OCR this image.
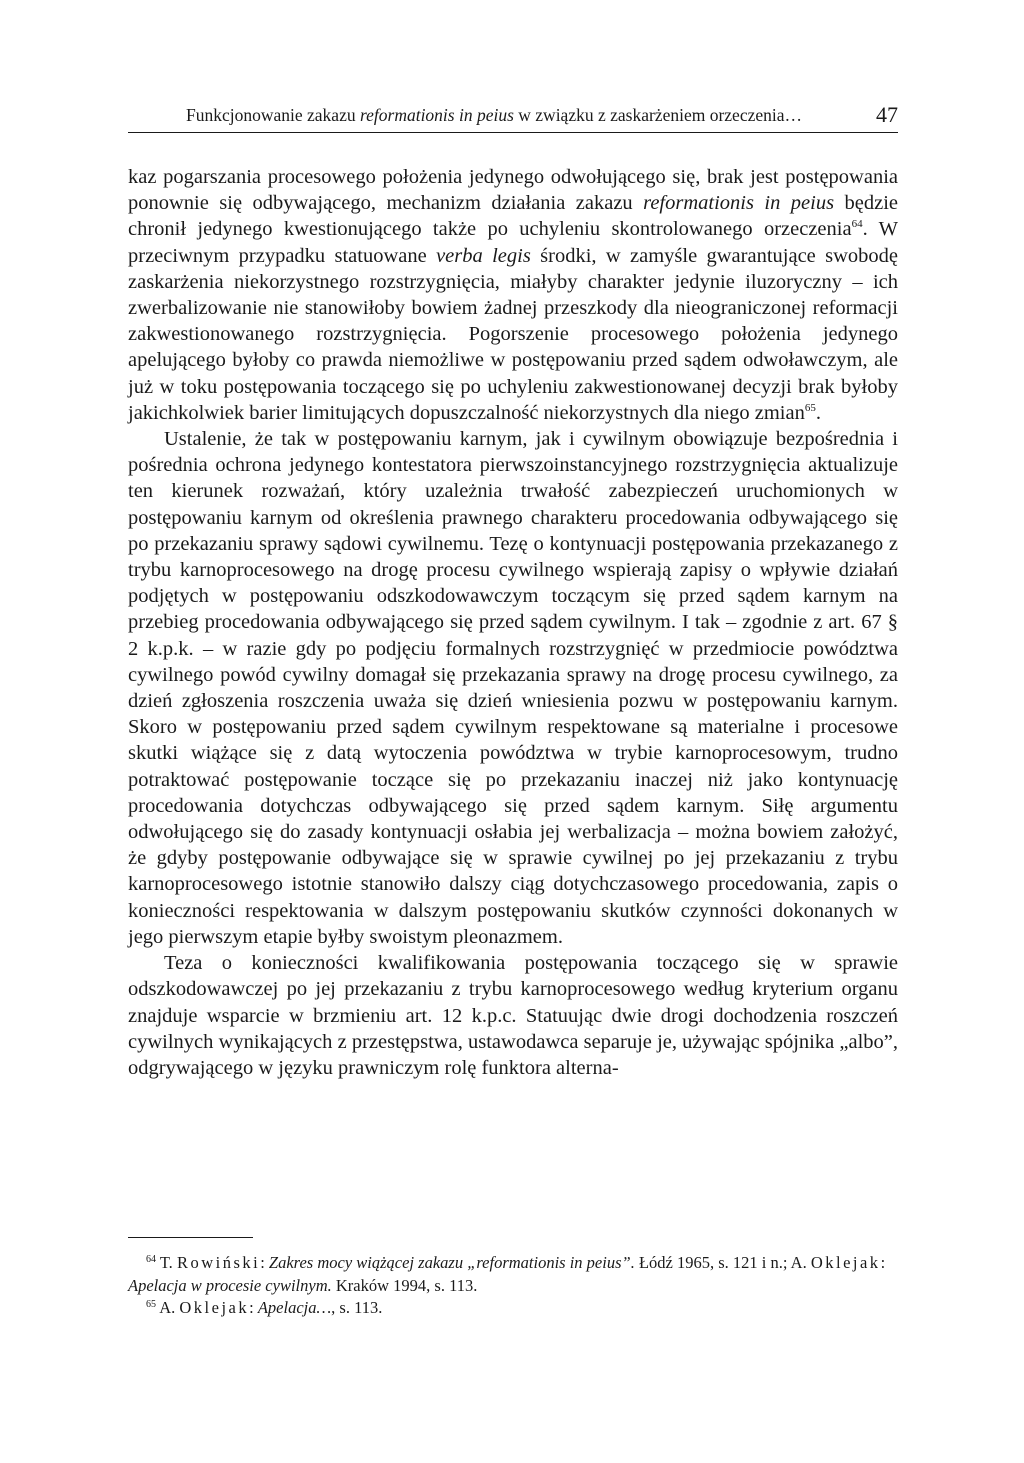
Funkcjonowanie zakazu reformationis in peius w związku z zaskarżeniem orzeczenia…	47

kaz pogarszania procesowego położenia jedynego odwołującego się, brak jest postępowania ponownie się odbywającego, mechanizm działania zakazu reformationis in peius będzie chronił jedynego kwestionującego także po uchyleniu skontrolowanego orzeczenia$^{64}$. W przeciwnym przypadku statuowane verba legis środki, w zamyśle gwarantujące swobodę zaskarżenia niekorzystnego rozstrzygnięcia, miałyby charakter jedynie iluzoryczny – ich zwerbalizowanie nie stanowiłoby bowiem żadnej przeszkody dla nieograniczonej reformacji zakwestionowanego rozstrzygnięcia. Pogorszenie procesowego położenia jedynego apelującego byłoby co prawda niemożliwe w postępowaniu przed sądem odwoławczym, ale już w toku postępowania toczącego się po uchyleniu zakwestionowanej decyzji brak byłoby jakichkolwiek barier limitujących dopuszczalność niekorzystnych dla niego zmian$^{65}$.

Ustalenie, że tak w postępowaniu karnym, jak i cywilnym obowiązuje bezpośrednia i pośrednia ochrona jedynego kontestatora pierwszoinstancyjnego rozstrzygnięcia aktualizuje ten kierunek rozważań, który uzależnia trwałość zabezpieczeń uruchomionych w postępowaniu karnym od określenia prawnego charakteru procedowania odbywającego się po przekazaniu sprawy sądowi cywilnemu. Tezę o kontynuacji postępowania przekazanego z trybu karnoprocesowego na drogę procesu cywilnego wspierają zapisy o wpływie działań podjętych w postępowaniu odszkodowawczym toczącym się przed sądem karnym na przebieg procedowania odbywającego się przed sądem cywilnym. I tak – zgodnie z art. 67 § 2 k.p.k. – w razie gdy po podjęciu formalnych rozstrzygnięć w przedmiocie powództwa cywilnego powód cywilny domagał się przekazania sprawy na drogę procesu cywilnego, za dzień zgłoszenia roszczenia uważa się dzień wniesienia pozwu w postępowaniu karnym. Skoro w postępowaniu przed sądem cywilnym respektowane są materialne i procesowe skutki wiążące się z datą wytoczenia powództwa w trybie karnoprocesowym, trudno potraktować postępowanie toczące się po przekazaniu inaczej niż jako kontynuację procedowania dotychczas odbywającego się przed sądem karnym. Siłę argumentu odwołującego się do zasady kontynuacji osłabia jej werbalizacja – można bowiem założyć, że gdyby postępowanie odbywające się w sprawie cywilnej po jej przekazaniu z trybu karnoprocesowego istotnie stanowiło dalszy ciąg dotychczasowego procedowania, zapis o konieczności respektowania w dalszym postępowaniu skutków czynności dokonanych w jego pierwszym etapie byłby swoistym pleonazmem.

Teza o konieczności kwalifikowania postępowania toczącego się w sprawie odszkodowawczej po jej przekazaniu z trybu karnoprocesowego według kryterium organu znajduje wsparcie w brzmieniu art. 12 k.p.c. Statuując dwie drogi dochodzenia roszczeń cywilnych wynikających z przestępstwa, ustawodawca separuje je, używając spójnika „albo”, odgrywającego w języku prawniczym rolę funktora alterna-

$^{64}$ T. Rowiński: Zakres mocy wiążącej zakazu „reformationis in peius”. Łódź 1965, s. 121 i n.; A. Oklejak: Apelacja w procesie cywilnym. Kraków 1994, s. 113.

$^{65}$ A. Oklejak: Apelacja…, s. 113.
